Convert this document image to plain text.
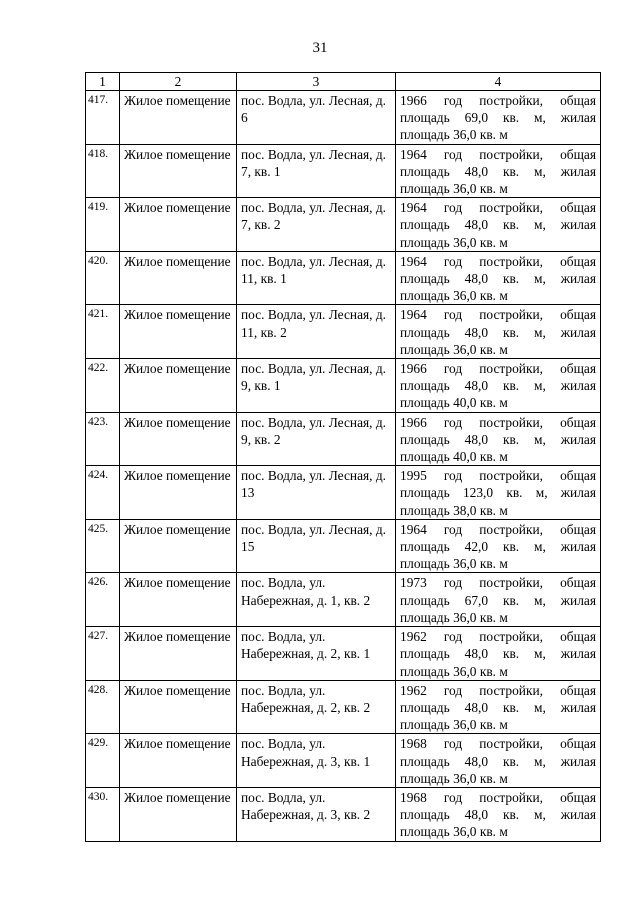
31
1	2	3	4
417.	Жилое помещение	пос. Водла, ул. Лесная, д. 6	1966 год постройки, общая площадь 69,0 кв. м, жилая площадь 36,0 кв. м
418.	Жилое помещение	пос. Водла, ул. Лесная, д. 7, кв. 1	1964 год постройки, общая площадь 48,0 кв. м, жилая площадь 36,0 кв. м
419.	Жилое помещение	пос. Водла, ул. Лесная, д. 7, кв. 2	1964 год постройки, общая площадь 48,0 кв. м, жилая площадь 36,0 кв. м
420.	Жилое помещение	пос. Водла, ул. Лесная, д. 11, кв. 1	1964 год постройки, общая площадь 48,0 кв. м, жилая площадь 36,0 кв. м
421.	Жилое помещение	пос. Водла, ул. Лесная, д. 11, кв. 2	1964 год постройки, общая площадь 48,0 кв. м, жилая площадь 36,0 кв. м
422.	Жилое помещение	пос. Водла, ул. Лесная, д. 9, кв. 1	1966 год постройки, общая площадь 48,0 кв. м, жилая площадь 40,0 кв. м
423.	Жилое помещение	пос. Водла, ул. Лесная, д. 9, кв. 2	1966 год постройки, общая площадь 48,0 кв. м, жилая площадь 40,0 кв. м
424.	Жилое помещение	пос. Водла, ул. Лесная, д. 13	1995 год постройки, общая площадь 123,0 кв. м, жилая площадь 38,0 кв. м
425.	Жилое помещение	пос. Водла, ул. Лесная, д. 15	1964 год постройки, общая площадь 42,0 кв. м, жилая площадь 36,0 кв. м
426.	Жилое помещение	пос. Водла, ул. Набережная, д. 1, кв. 2	1973 год постройки, общая площадь 67,0 кв. м, жилая площадь 36,0 кв. м
427.	Жилое помещение	пос. Водла, ул. Набережная, д. 2, кв. 1	1962 год постройки, общая площадь 48,0 кв. м, жилая площадь 36,0 кв. м
428.	Жилое помещение	пос. Водла, ул. Набережная, д. 2, кв. 2	1962 год постройки, общая площадь 48,0 кв. м, жилая площадь 36,0 кв. м
429.	Жилое помещение	пос. Водла, ул. Набережная, д. 3, кв. 1	1968 год постройки, общая площадь 48,0 кв. м, жилая площадь 36,0 кв. м
430.	Жилое помещение	пос. Водла, ул. Набережная, д. 3, кв. 2	1968 год постройки, общая площадь 48,0 кв. м, жилая площадь 36,0 кв. м
